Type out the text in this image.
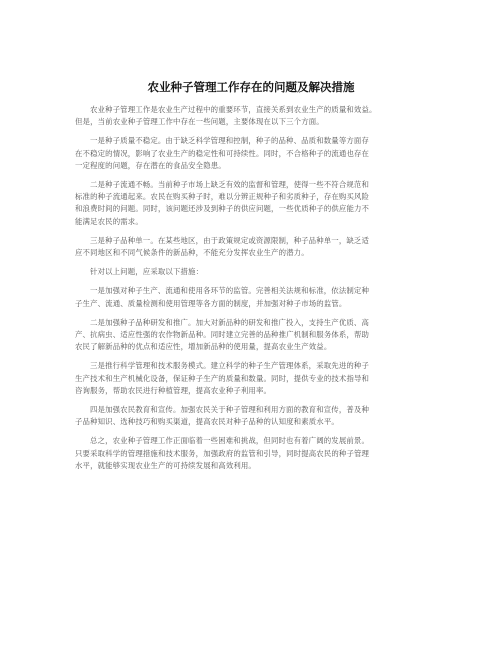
农业种子管理工作存在的问题及解决措施

农业种子管理工作是农业生产过程中的重要环节，直接关系到农业生产的质量和效益。
但是，当前农业种子管理工作中存在一些问题，主要体现在以下三个方面。

一是种子质量不稳定。由于缺乏科学管理和控制，种子的品种、品质和数量等方面存
在不稳定的情况，影响了农业生产的稳定性和可持续性。同时，不合格种子的流通也存在
一定程度的问题，存在潜在的食品安全隐患。

二是种子流通不畅。当前种子市场上缺乏有效的监督和管理，使得一些不符合规范和
标准的种子流通起来。农民在购买种子时，难以分辨正规种子和劣质种子，存在购买风险
和浪费时间的问题。同时，该问题还涉及到种子的供应问题，一些优质种子的供应能力不
能满足农民的需求。

三是种子品种单一。在某些地区，由于政策规定或资源限制，种子品种单一，缺乏适
应不同地区和不同气候条件的新品种，不能充分发挥农业生产的潜力。

针对以上问题，应采取以下措施：

一是加强对种子生产、流通和使用各环节的监管。完善相关法规和标准，依法制定种
子生产、流通、质量检测和使用管理等各方面的制度，并加强对种子市场的监管。

二是加强种子品种研发和推广。加大对新品种的研发和推广投入，支持生产优质、高
产、抗病虫、适应性强的农作物新品种。同时建立完善的品种推广机制和服务体系，帮助
农民了解新品种的优点和适应性，增加新品种的使用量，提高农业生产效益。

三是推行科学管理和技术服务模式。建立科学的种子生产管理体系，采取先进的种子
生产技术和生产机械化设备，保证种子生产的质量和数量。同时，提供专业的技术指导和
咨询服务，帮助农民进行种植管理，提高农业种子利用率。

四是加强农民教育和宣传。加强农民关于种子管理和利用方面的教育和宣传，普及种
子品种知识、选种技巧和购买渠道，提高农民对种子品种的认知度和素质水平。

总之，农业种子管理工作正面临着一些困难和挑战，但同时也有着广阔的发展前景。
只要采取科学的管理措施和技术服务，加强政府的监管和引导，同时提高农民的种子管理
水平，就能够实现农业生产的可持续发展和高效利用。
